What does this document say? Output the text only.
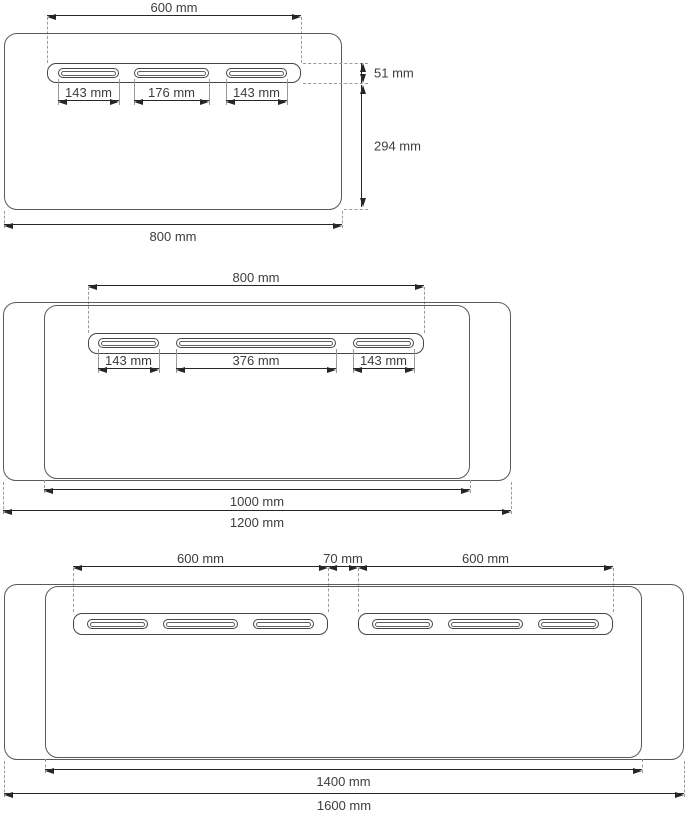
600 mm
143 mm	176 mm	143 mm
51 mm
294 mm
800 mm
800 mm
143 mm	376 mm	143 mm
1000 mm
1200 mm
600 mm	70 mm	600 mm
1400 mm
1600 mm
